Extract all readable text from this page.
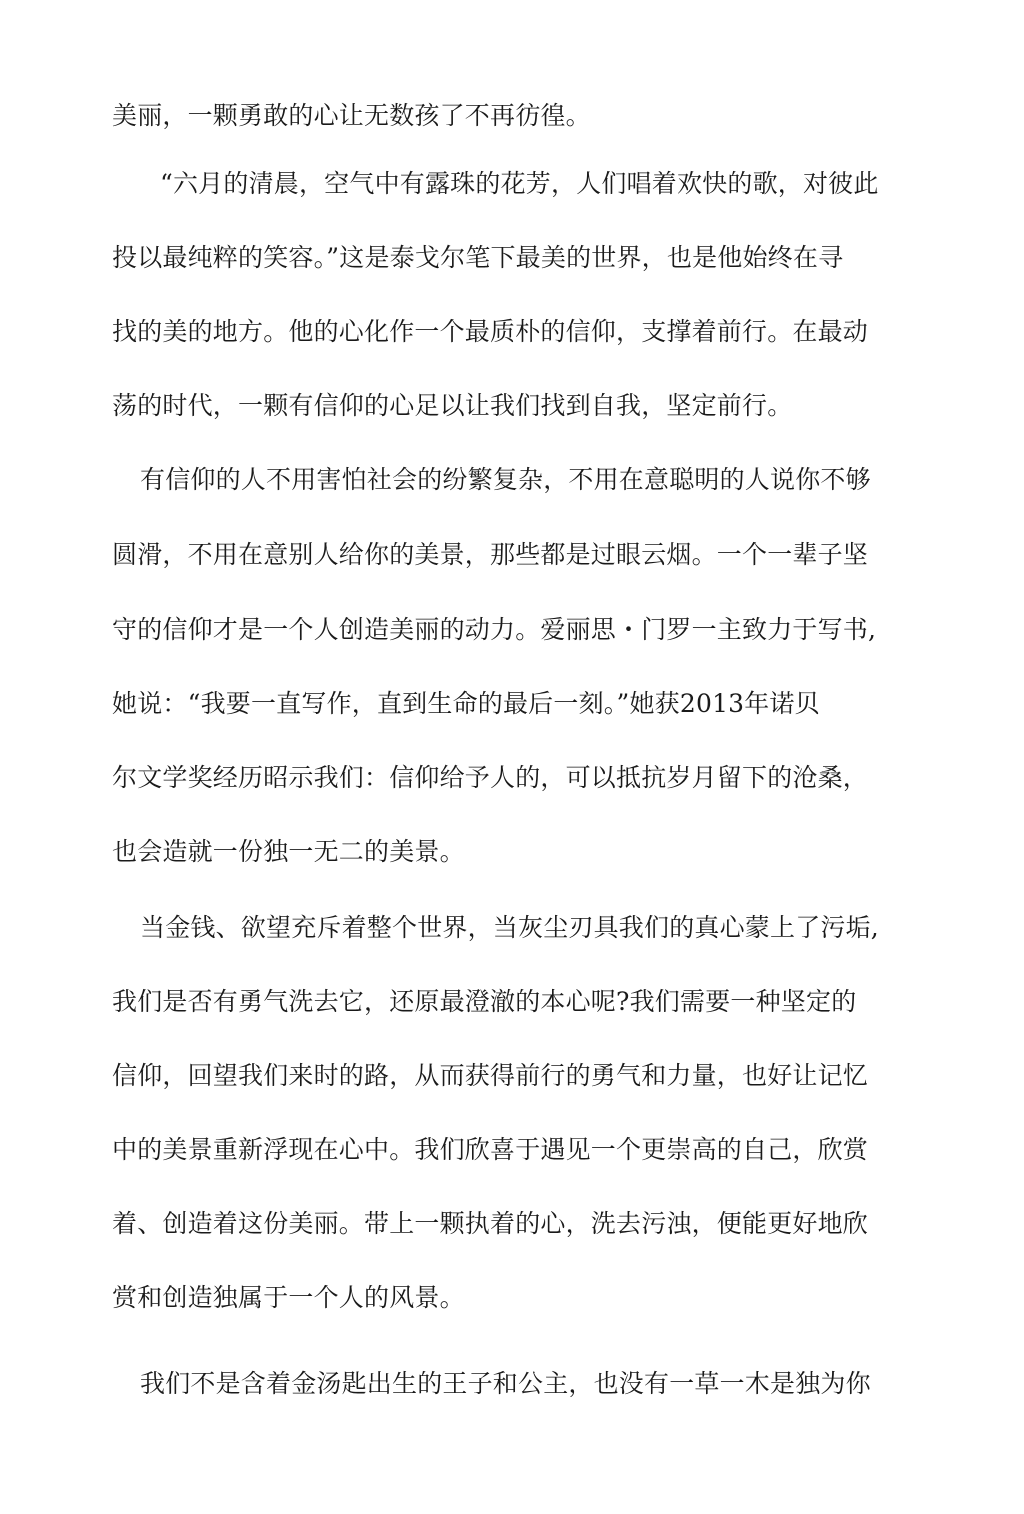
美丽，一颗勇敢的心让无数孩了不再彷徨。
“六月的清晨，空气中有露珠的花芳，人们唱着欢快的歌，对彼此
投以最纯粹的笑容。”这是泰戈尔笔下最美的世界，也是他始终在寻
找的美的地方。他的心化作一个最质朴的信仰，支撑着前行。在最动
荡的时代，一颗有信仰的心足以让我们找到自我，坚定前行。
有信仰的人不用害怕社会的纷繁复杂，不用在意聪明的人说你不够
圆滑，不用在意别人给你的美景，那些都是过眼云烟。一个一辈子坚
守的信仰才是一个人创造美丽的动力。爱丽思・门罗一主致力于写书,
她说：“我要一直写作，直到生命的最后一刻。”她获2013年诺贝
尔文学奖经历昭示我们：信仰给予人的，可以抵抗岁月留下的沧桑，
也会造就一份独一无二的美景。
当金钱、欲望充斥着整个世界，当灰尘刃具我们的真心蒙上了污垢,
我们是否有勇气洗去它，还原最澄澈的本心呢?我们需要一种坚定的
信仰，回望我们来时的路，从而获得前行的勇气和力量，也好让记忆
中的美景重新浮现在心中。我们欣喜于遇见一个更崇高的自己，欣赏
着、创造着这份美丽。带上一颗执着的心，洗去污浊，便能更好地欣
赏和创造独属于一个人的风景。
我们不是含着金汤匙出生的王子和公主，也没有一草一木是独为你
